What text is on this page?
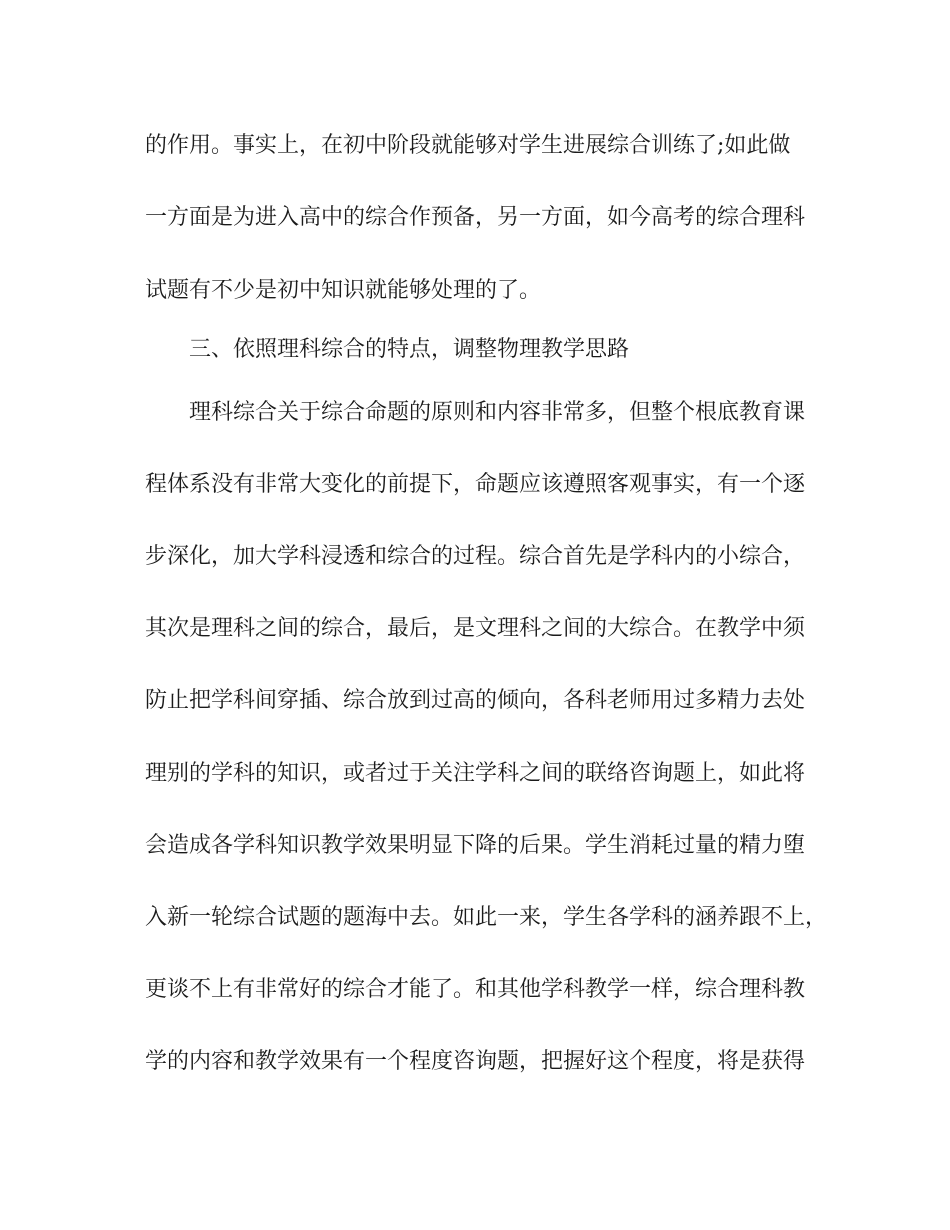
的作用。事实上，在初中阶段就能够对学生进展综合训练了;如此做
一方面是为进入高中的综合作预备，另一方面，如今高考的综合理科
试题有不少是初中知识就能够处理的了。
三、依照理科综合的特点，调整物理教学思路
理科综合关于综合命题的原则和内容非常多，但整个根底教育课
程体系没有非常大变化的前提下，命题应该遵照客观事实，有一个逐
步深化，加大学科浸透和综合的过程。综合首先是学科内的小综合，
其次是理科之间的综合，最后，是文理科之间的大综合。在教学中须
防止把学科间穿插、综合放到过高的倾向，各科老师用过多精力去处
理别的学科的知识，或者过于关注学科之间的联络咨询题上，如此将
会造成各学科知识教学效果明显下降的后果。学生消耗过量的精力堕
入新一轮综合试题的题海中去。如此一来，学生各学科的涵养跟不上，
更谈不上有非常好的综合才能了。和其他学科教学一样，综合理科教
学的内容和教学效果有一个程度咨询题，把握好这个程度，将是获得
